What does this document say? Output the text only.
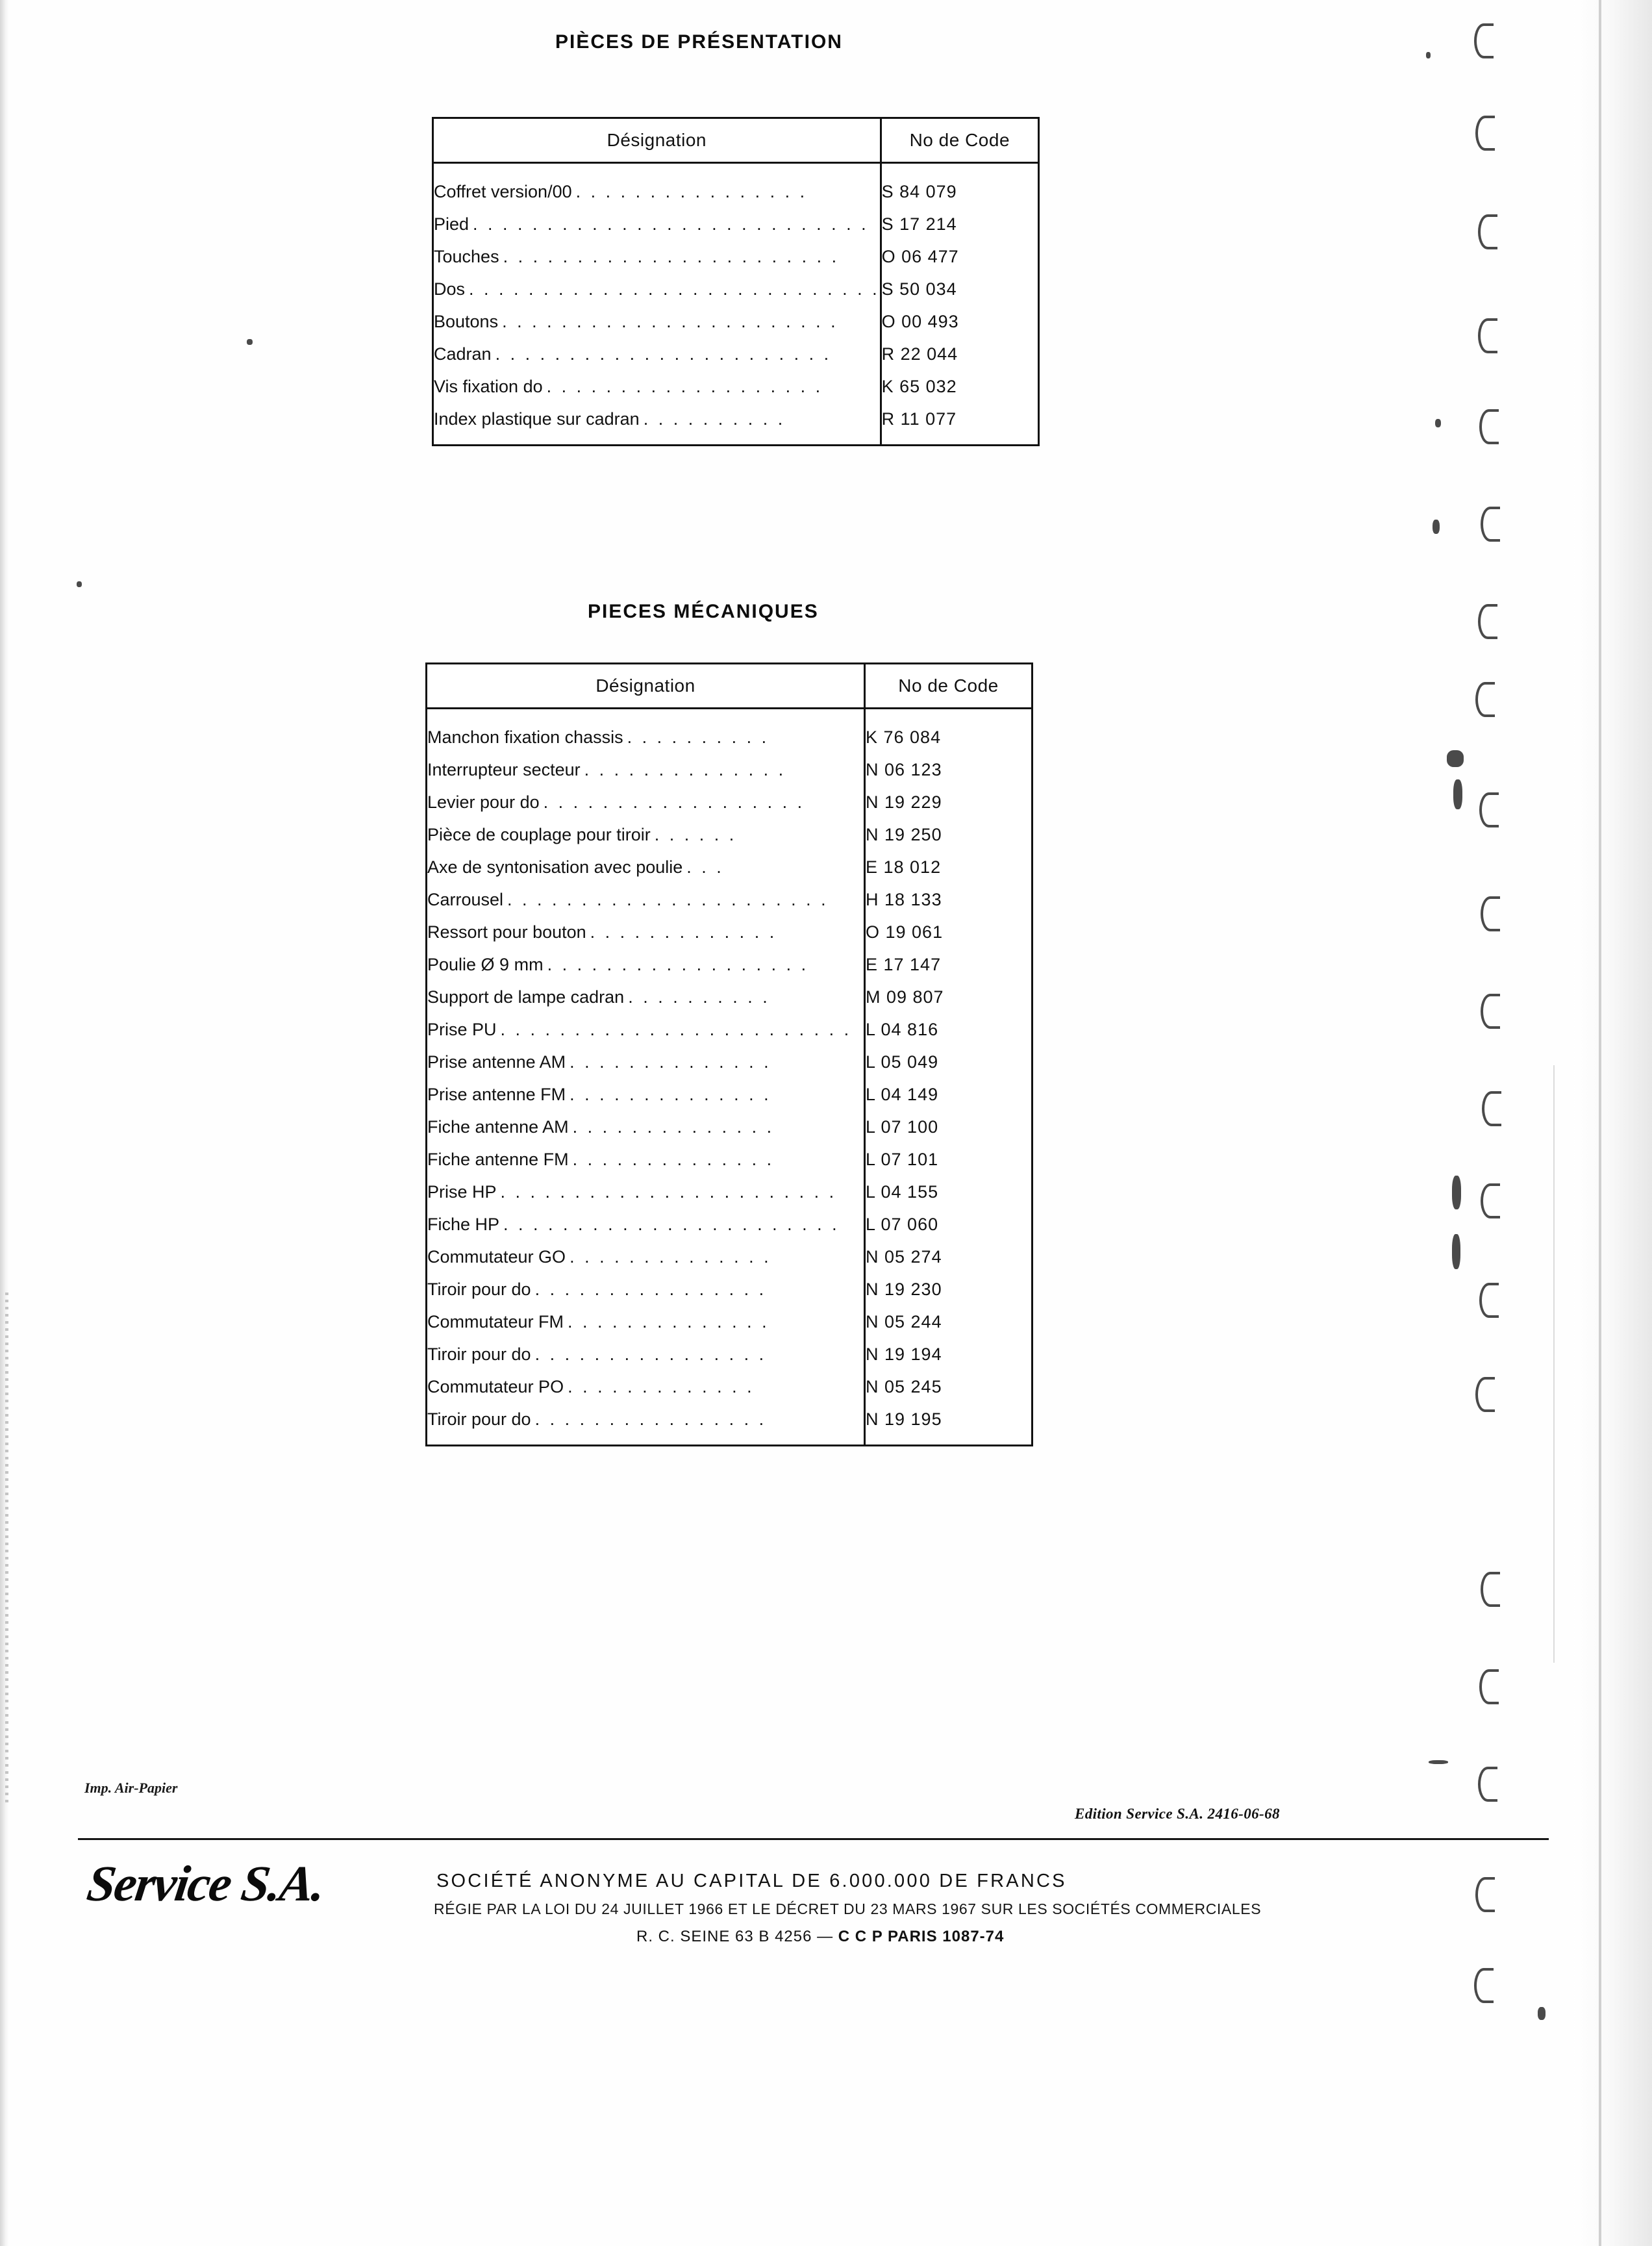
PIÈCES DE PRÉSENTATION
Désignation	No de Code
Coffret version/00 . . . . . . . . . . . . . . . .	S 84 079
Pied . . . . . . . . . . . . . . . . . . . . . . . . . . .	S 17 214
Touches . . . . . . . . . . . . . . . . . . . . . . .	O 06 477
Dos . . . . . . . . . . . . . . . . . . . . . . . . . . . .	S 50 034
Boutons . . . . . . . . . . . . . . . . . . . . . . .	O 00 493
Cadran . . . . . . . . . . . . . . . . . . . . . . .	R 22 044
Vis fixation do . . . . . . . . . . . . . . . . . . .	K 65 032
Index plastique sur cadran . . . . . . . . . .	R 11 077
PIECES MÉCANIQUES
Désignation	No de Code
Manchon fixation chassis . . . . . . . . . .	K 76 084
Interrupteur secteur . . . . . . . . . . . . . .	N 06 123
Levier pour do . . . . . . . . . . . . . . . . . .	N 19 229
Pièce de couplage pour tiroir . . . . . .	N 19 250
Axe de syntonisation avec poulie . . .	E 18 012
Carrousel . . . . . . . . . . . . . . . . . . . . . .	H 18 133
Ressort pour bouton . . . . . . . . . . . . .	O 19 061
Poulie Ø 9 mm . . . . . . . . . . . . . . . . . .	E 17 147
Support de lampe cadran . . . . . . . . . .	M 09 807
Prise PU . . . . . . . . . . . . . . . . . . . . . . . .	L 04 816
Prise antenne AM . . . . . . . . . . . . . .	L 05 049
Prise antenne FM . . . . . . . . . . . . . .	L 04 149
Fiche antenne AM . . . . . . . . . . . . . .	L 07 100
Fiche antenne FM . . . . . . . . . . . . . .	L 07 101
Prise HP . . . . . . . . . . . . . . . . . . . . . . .	L 04 155
Fiche HP . . . . . . . . . . . . . . . . . . . . . . .	L 07 060
Commutateur GO . . . . . . . . . . . . . .	N 05 274
Tiroir pour do . . . . . . . . . . . . . . . .	N 19 230
Commutateur FM . . . . . . . . . . . . . .	N 05 244
Tiroir pour do . . . . . . . . . . . . . . . .	N 19 194
Commutateur PO . . . . . . . . . . . . .	N 05 245
Tiroir pour do . . . . . . . . . . . . . . . .	N 19 195
Imp. Air-Papier
Edition Service S.A. 2416-06-68
Service S.A.	SOCIÉTÉ ANONYME AU CAPITAL DE 6.000.000 DE FRANCS
RÉGIE PAR LA LOI DU 24 JUILLET 1966 ET LE DÉCRET DU 23 MARS 1967 SUR LES SOCIÉTÉS COMMERCIALES
R. C. SEINE 63 B 4256 — C C P PARIS 1087-74
